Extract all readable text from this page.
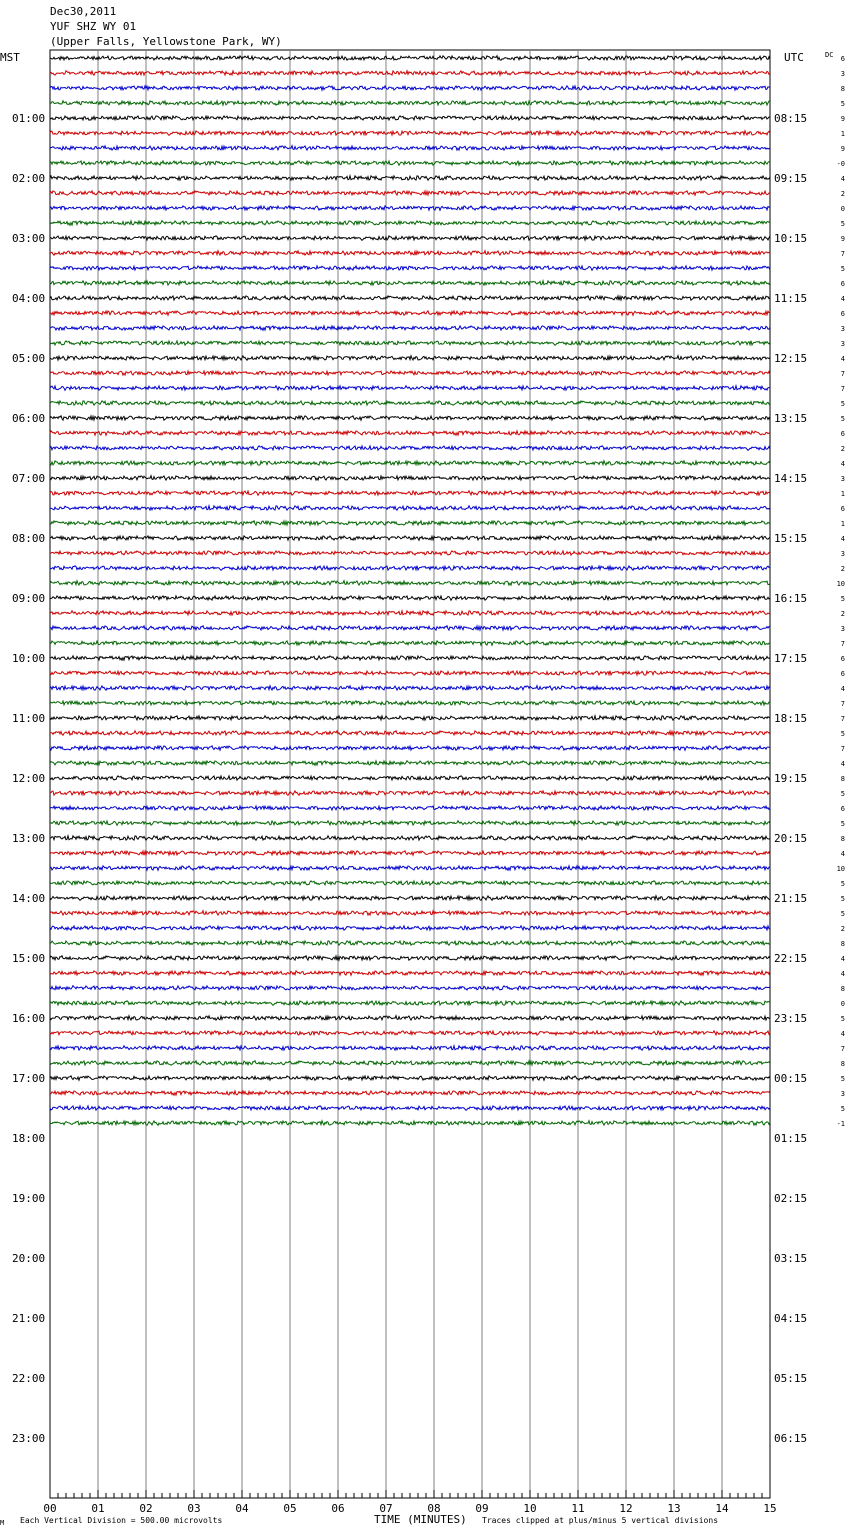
Dec30,2011
YUF SHZ WY 01
(Upper Falls, Yellowstone Park, WY)
01:00
02:00
03:00
04:00
05:00
06:00
07:00
08:00
09:00
10:00
11:00
12:00
13:00
14:00
15:00
16:00
17:00
18:00
19:00
20:00
21:00
22:00
23:00
08:15
09:15
10:15
11:15
12:15
13:15
14:15
15:15
16:15
17:15
18:15
19:15
20:15
21:15
22:15
23:15
00:15
01:15
02:15
03:15
04:15
05:15
06:15
6
3
8
5
9
1
9
-0
4
2
0
5
9
7
5
6
4
6
3
3
4
7
7
5
5
6
2
4
3
1
6
1
4
3
2
10
5
2
3
7
6
6
4
7
7
5
7
4
8
5
6
5
8
4
10
5
5
5
2
8
4
4
8
0
5
4
7
8
5
3
5
-1
00	01	02	03	04	05	06	07	08	09	10	11	12	13	14	15
MST	UTC	DC
M Each Vertical Division = 500.00 microvolts	TIME (MINUTES) Traces clipped at plus/minus 5 vertical divisions
